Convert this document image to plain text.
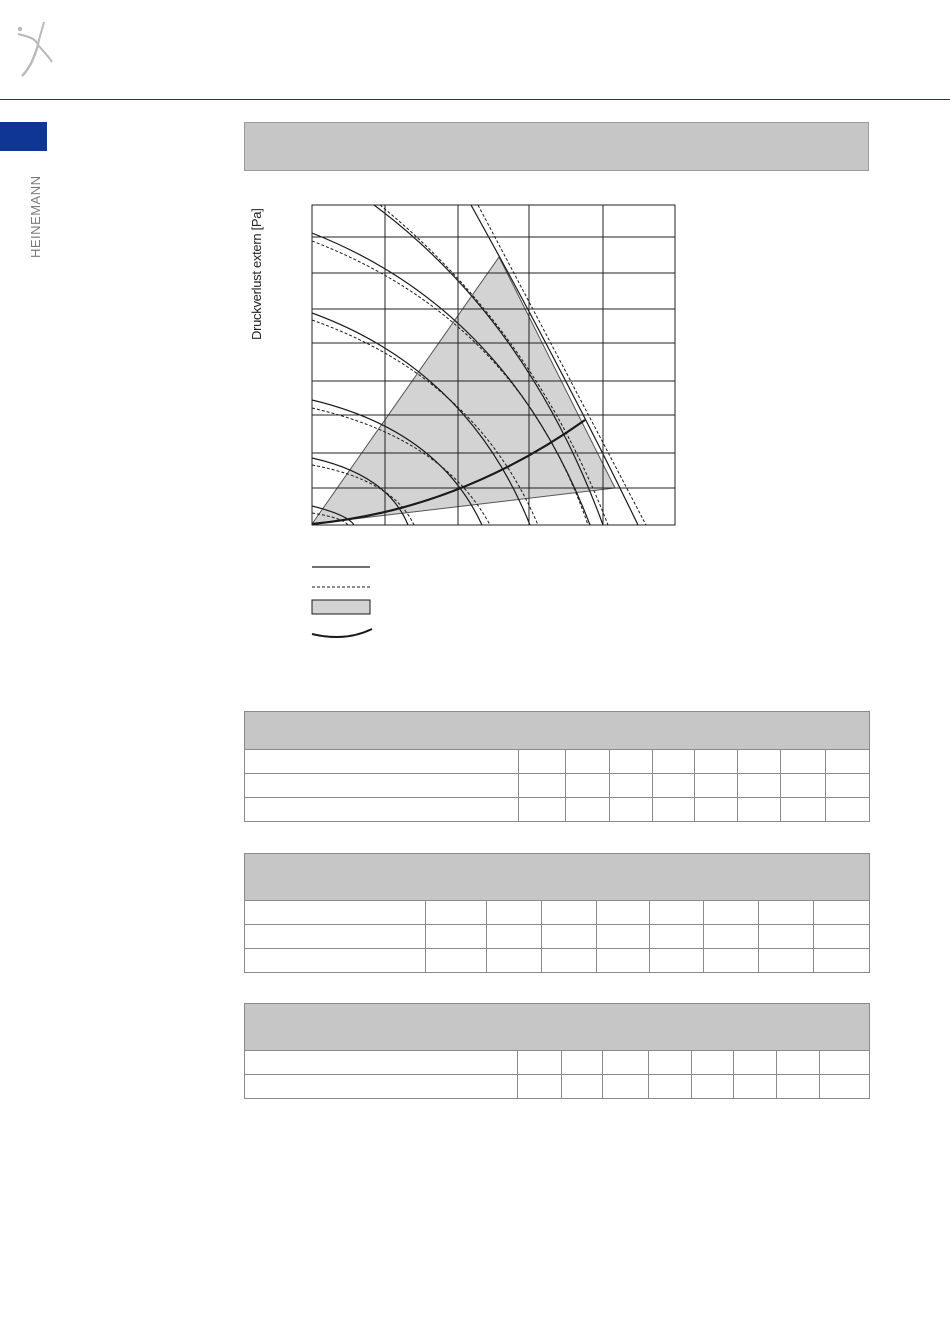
HEINEMANN	Druckverlust extern [Pa]
